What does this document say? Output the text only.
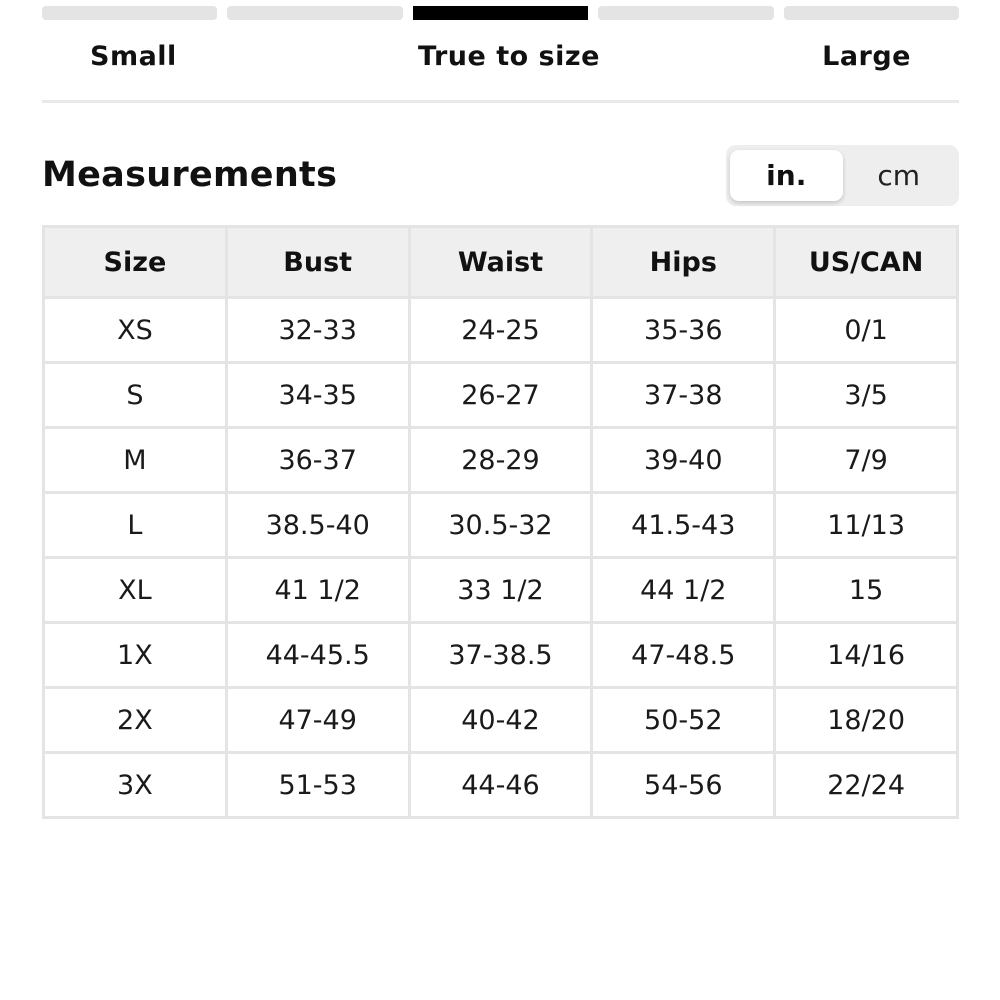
Small	True to size	Large
Measurements	in.	cm
Size	Bust	Waist	Hips	US/CAN
XS	32-33	24-25	35-36	0/1
S	34-35	26-27	37-38	3/5
M	36-37	28-29	39-40	7/9
L	38.5-40	30.5-32	41.5-43	11/13
XL	41 1/2	33 1/2	44 1/2	15
1X	44-45.5	37-38.5	47-48.5	14/16
2X	47-49	40-42	50-52	18/20
3X	51-53	44-46	54-56	22/24
